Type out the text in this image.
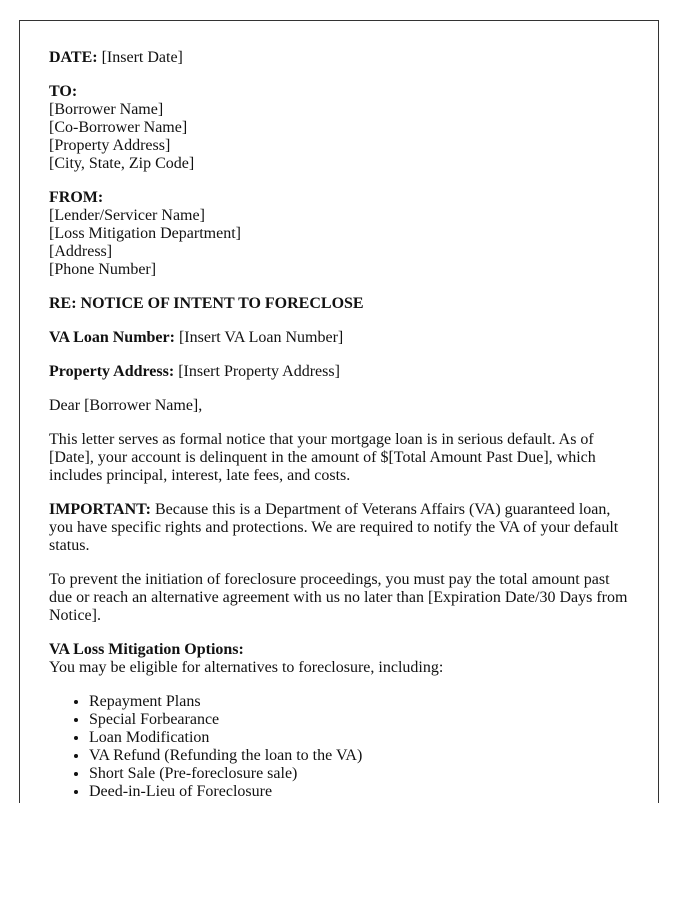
DATE: [Insert Date]

TO:
[Borrower Name]
[Co-Borrower Name]
[Property Address]
[City, State, Zip Code]

FROM:
[Lender/Servicer Name]
[Loss Mitigation Department]
[Address]
[Phone Number]

RE: NOTICE OF INTENT TO FORECLOSE

VA Loan Number: [Insert VA Loan Number]

Property Address: [Insert Property Address]

Dear [Borrower Name],

This letter serves as formal notice that your mortgage loan is in serious default. As of [Date], your account is delinquent in the amount of $[Total Amount Past Due], which includes principal, interest, late fees, and costs.

IMPORTANT: Because this is a Department of Veterans Affairs (VA) guaranteed loan, you have specific rights and protections. We are required to notify the VA of your default status.

To prevent the initiation of foreclosure proceedings, you must pay the total amount past due or reach an alternative agreement with us no later than [Expiration Date/30 Days from Notice].

VA Loss Mitigation Options:
You may be eligible for alternatives to foreclosure, including:

• Repayment Plans
• Special Forbearance
• Loan Modification
• VA Refund (Refunding the loan to the VA)
• Short Sale (Pre-foreclosure sale)
• Deed-in-Lieu of Foreclosure
